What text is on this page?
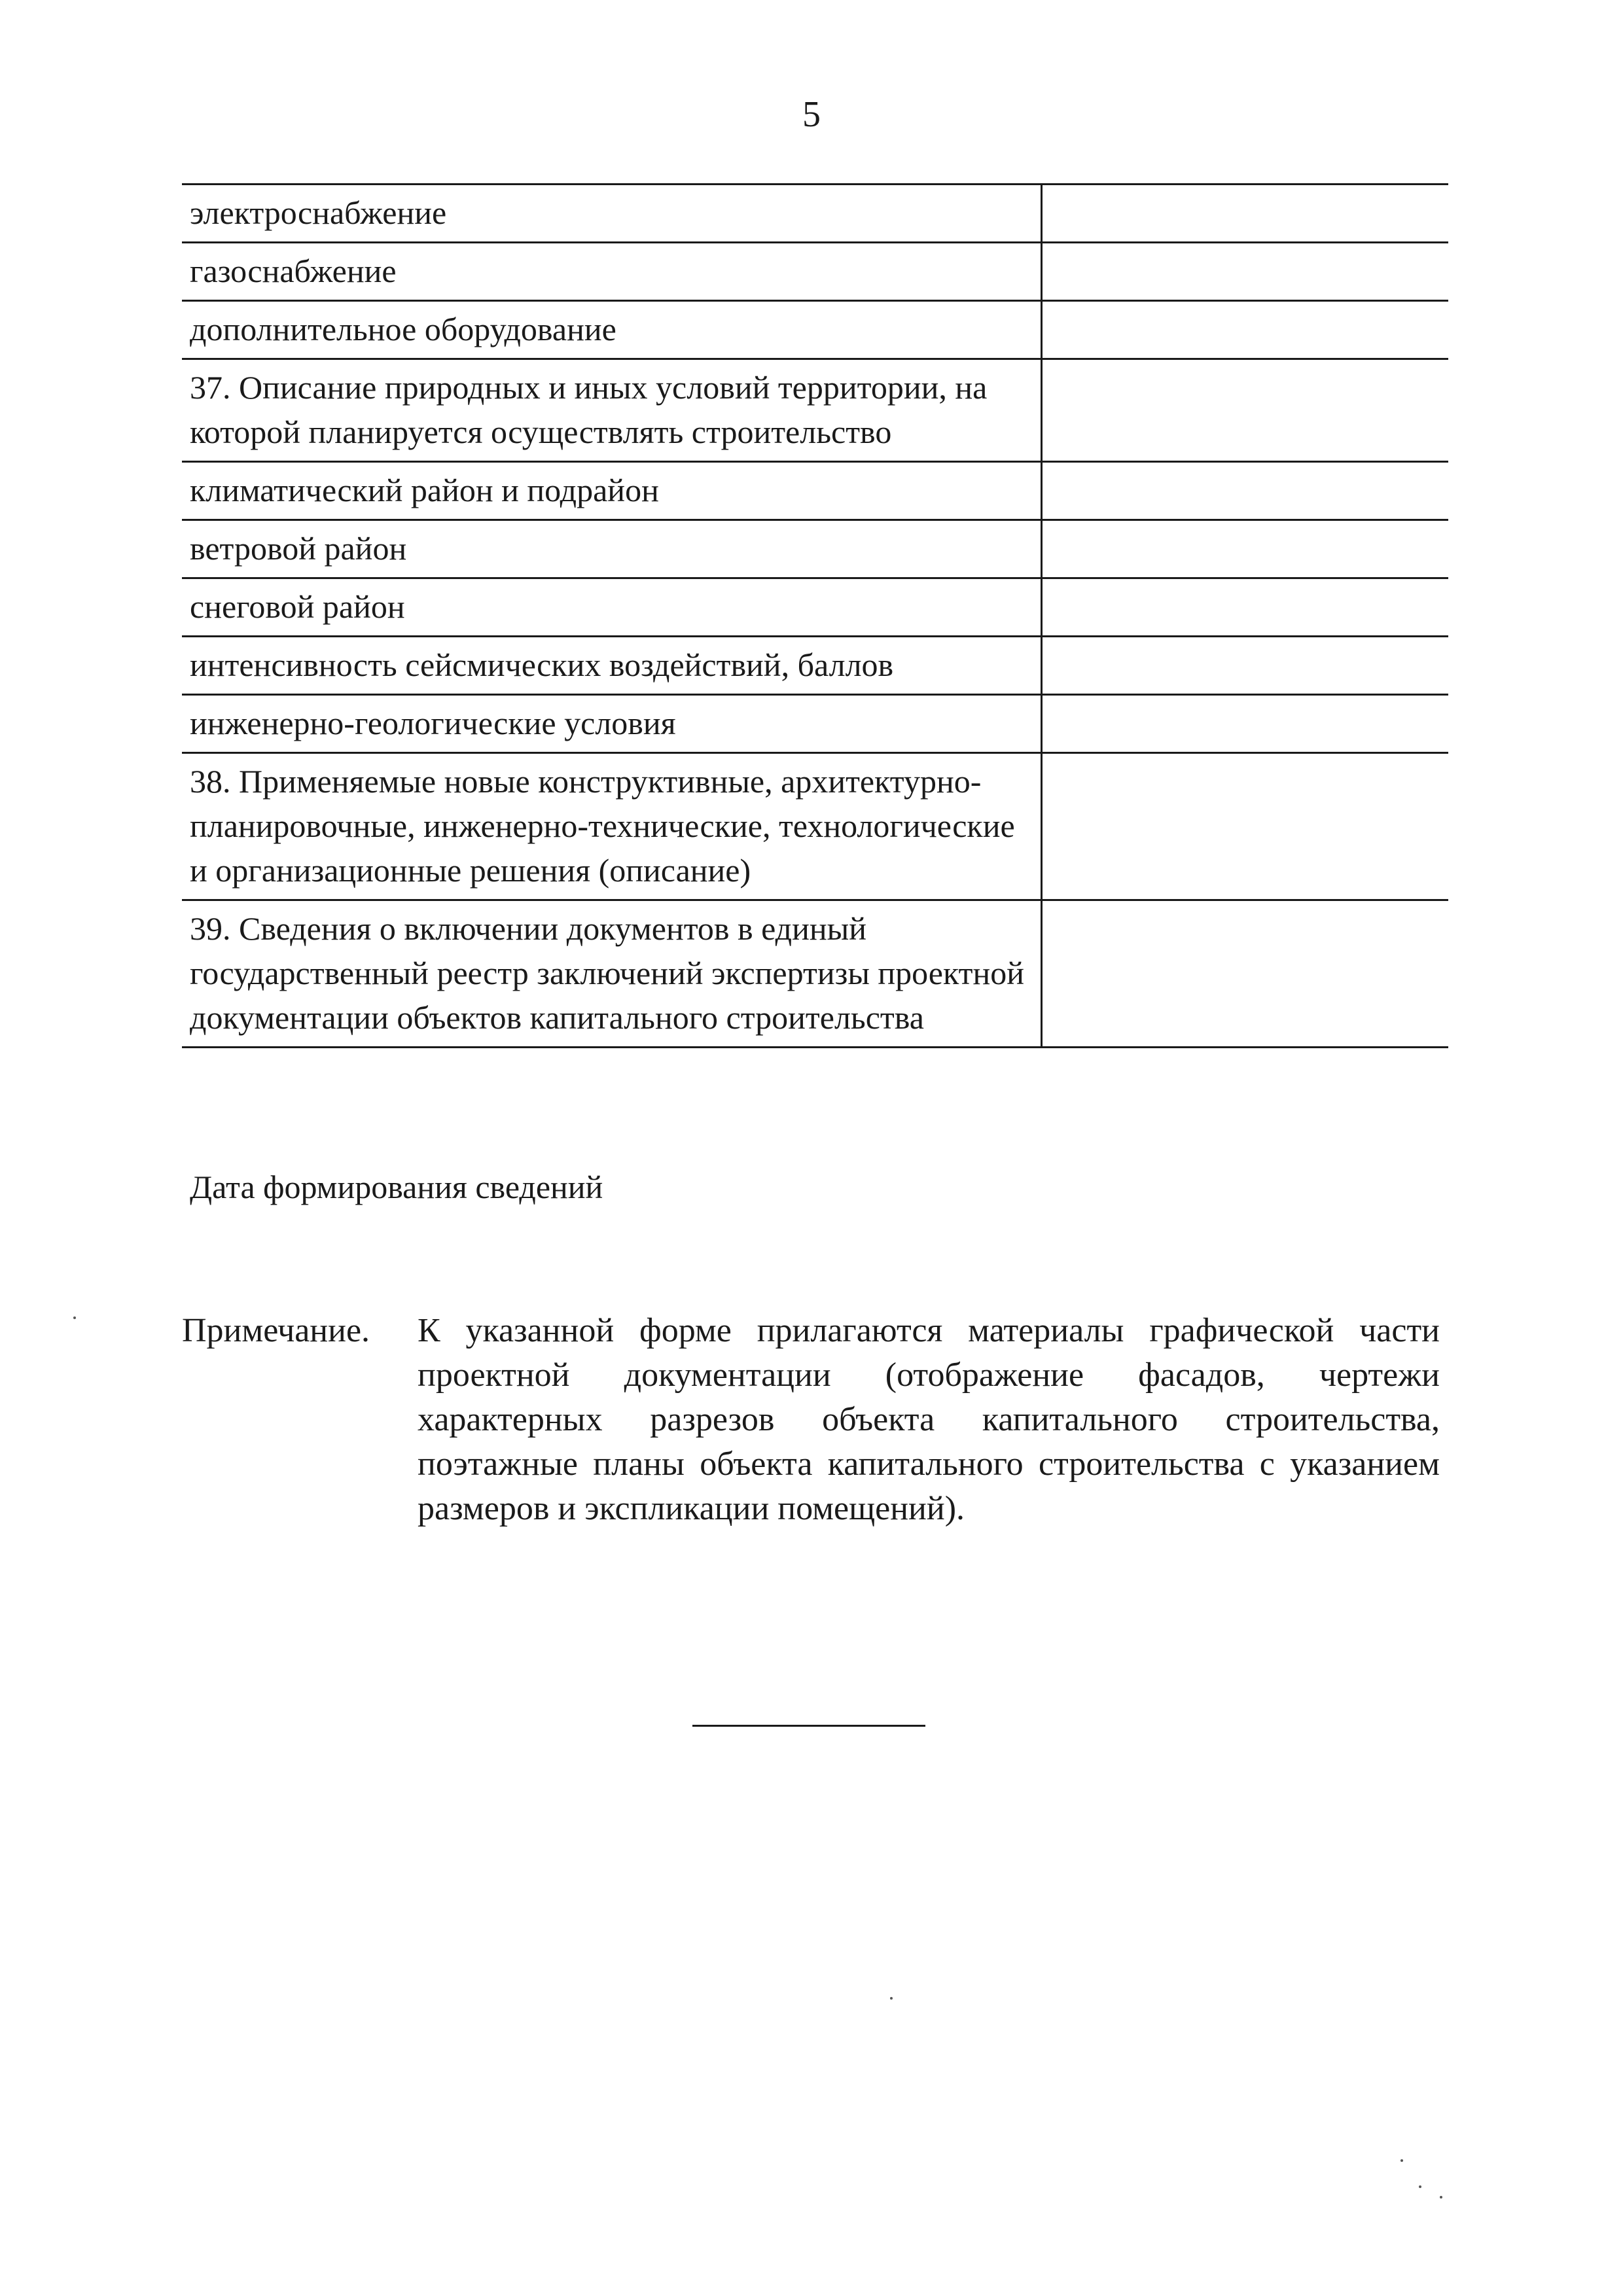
5
электроснабжение	
газоснабжение	
дополнительное оборудование	
37. Описание природных и иных условий территории, на которой планируется осуществлять строительство	
климатический район и подрайон	
ветровой район	
снеговой район	
интенсивность сейсмических воздействий, баллов	
инженерно-геологические условия	
38. Применяемые новые конструктивные, архитектурно-планировочные, инженерно-технические, технологические и организационные решения (описание)	
39. Сведения о включении документов в единый государственный реестр заключений экспертизы проектной документации объектов капитального строительства	
Дата формирования сведений
Примечание. К указанной форме прилагаются материалы графической части проектной документации (отображение фасадов, чертежи характерных разрезов объекта капитального строительства, поэтажные планы объекта капитального строительства с указанием размеров и экспликации помещений).
